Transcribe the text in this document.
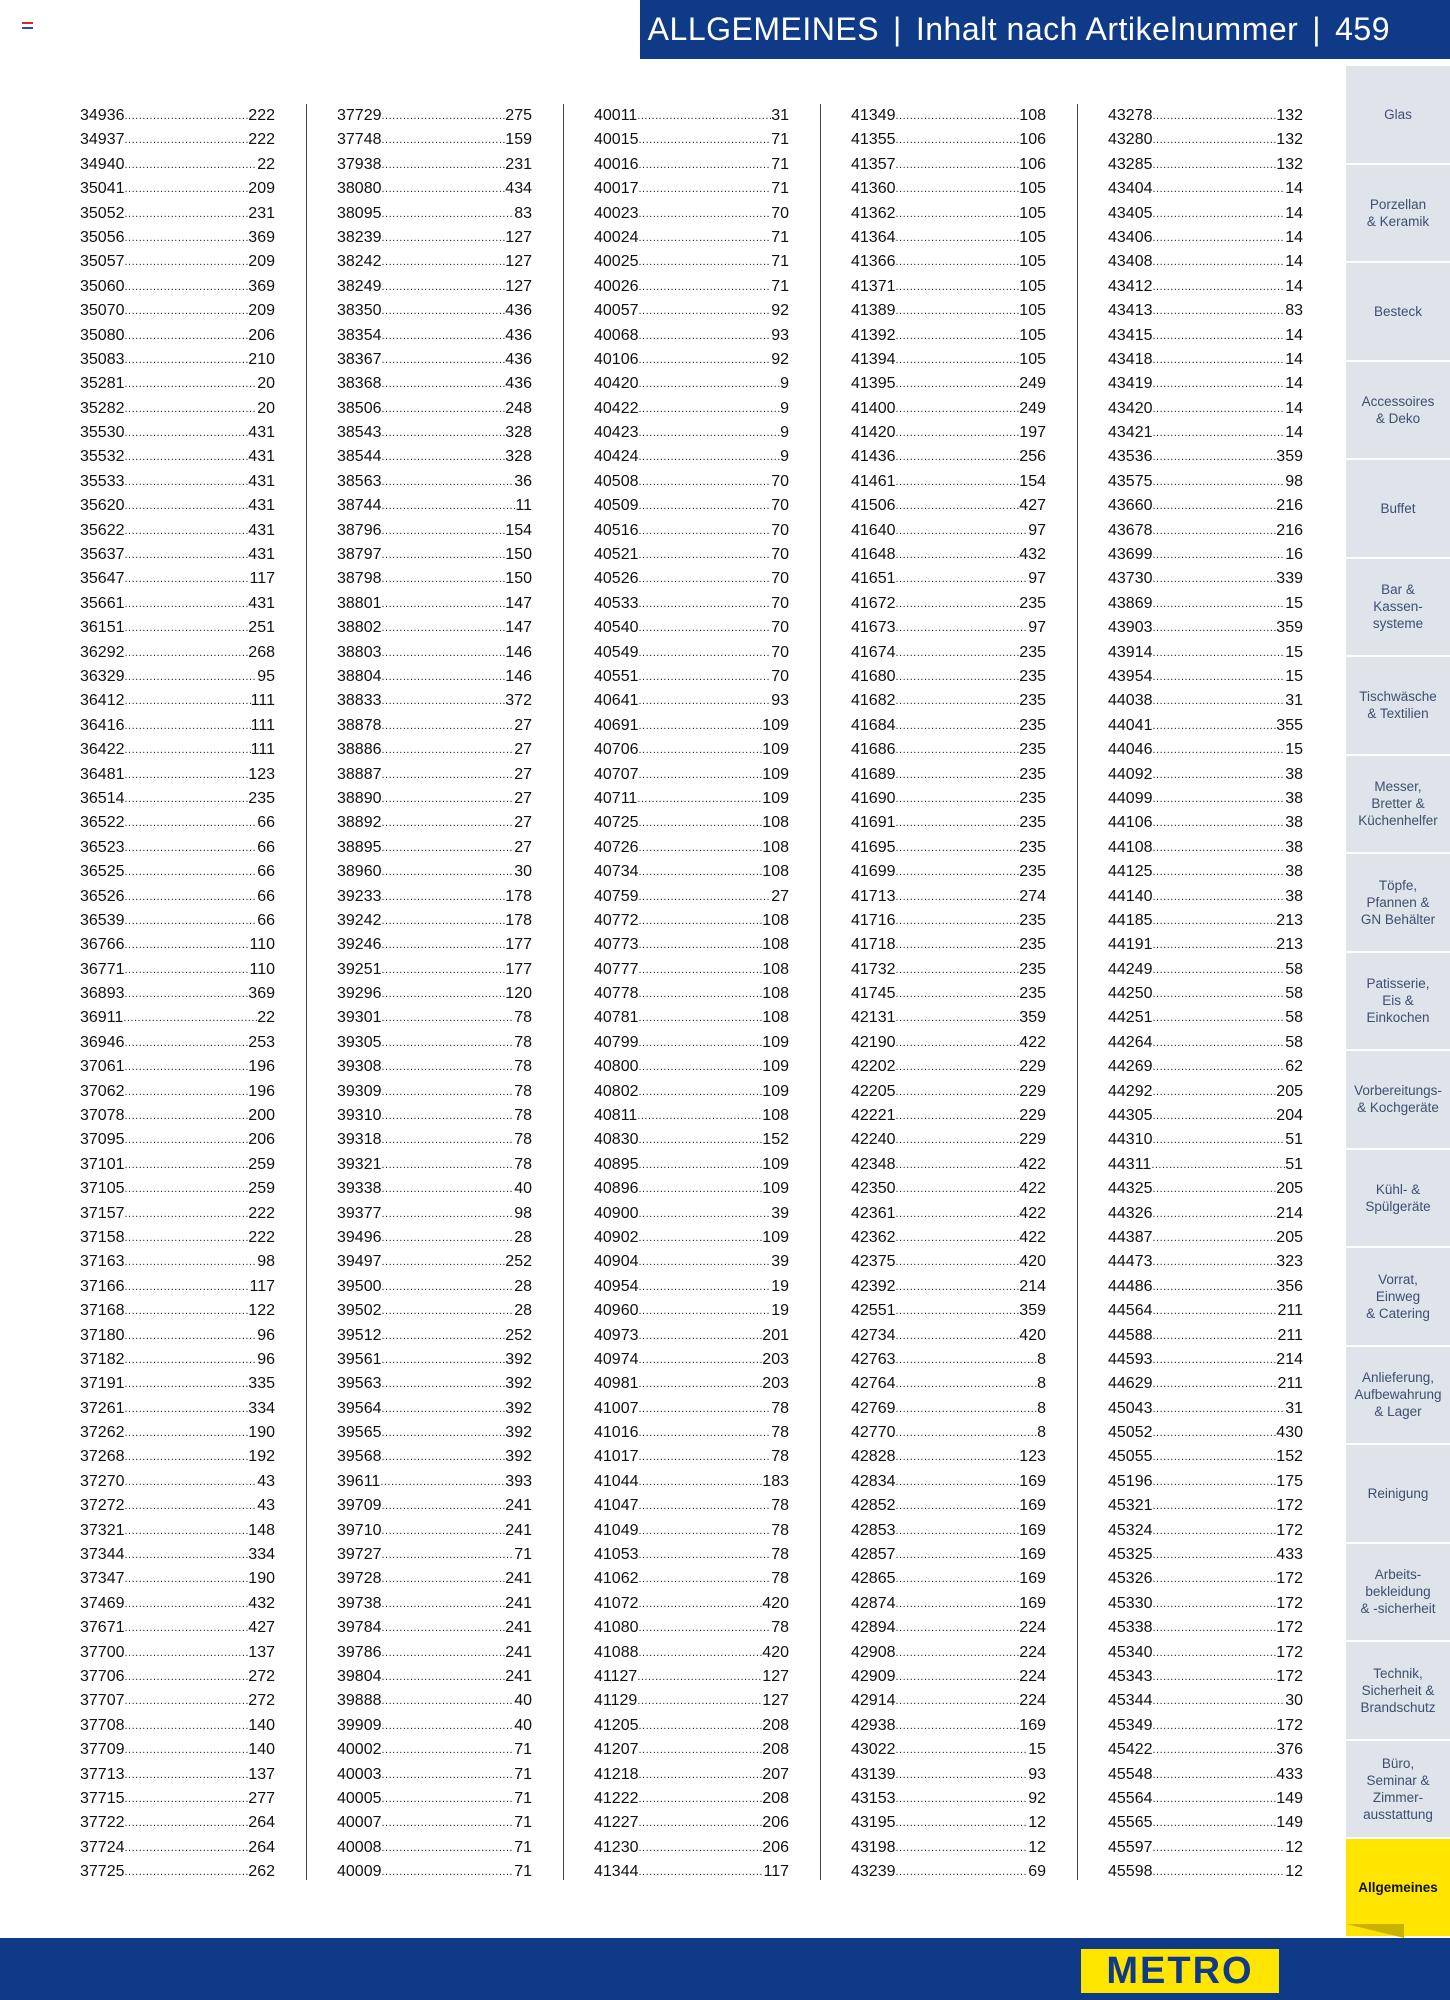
ALLGEMEINES | Inhalt nach Artikelnummer | 459
34936 .....	222
34937 .....	222
34940 .....	22
35041 .....	209
35052 .....	231
35056 .....	369
35057 .....	209
35060 .....	369
35070 .....	209
35080 .....	206
35083 .....	210
35281 .....	20
35282 .....	20
35530 .....	431
35532 .....	431
35533 .....	431
35620 .....	431
35622 .....	431
35637 .....	431
35647 .....	117
35661 .....	431
36151 .....	251
36292 .....	268
36329 .....	95
36412 .....	111
36416 .....	111
36422 .....	111
36481 .....	123
36514 .....	235
36522 .....	66
36523 .....	66
36525 .....	66
36526 .....	66
36539 .....	66
36766 .....	110
36771 .....	110
36893 .....	369
36911 .....	22
36946 .....	253
37061 .....	196
37062 .....	196
37078 .....	200
37095 .....	206
37101 .....	259
37105 .....	259
37157 .....	222
37158 .....	222
37163 .....	98
37166 .....	117
37168 .....	122
37180 .....	96
37182 .....	96
37191 .....	335
37261 .....	334
37262 .....	190
37268 .....	192
37270 .....	43
37272 .....	43
37321 .....	148
37344 .....	334
37347 .....	190
37469 .....	432
37671 .....	427
37700 .....	137
37706 .....	272
37707 .....	272
37708 .....	140
37709 .....	140
37713 .....	137
37715 .....	277
37722 .....	264
37724 .....	264
37725 .....	262
37729 .....	275
37748 .....	159
37938 .....	231
38080 .....	434
38095 .....	83
38239 .....	127
38242 .....	127
38249 .....	127
38350 .....	436
38354 .....	436
38367 .....	436
38368 .....	436
38506 .....	248
38543 .....	328
38544 .....	328
38563 .....	36
38744 .....	11
38796 .....	154
38797 .....	150
38798 .....	150
38801 .....	147
38802 .....	147
38803 .....	146
38804 .....	146
38833 .....	372
38878 .....	27
38886 .....	27
38887 .....	27
38890 .....	27
38892 .....	27
38895 .....	27
38960 .....	30
39233 .....	178
39242 .....	178
39246 .....	177
39251 .....	177
39296 .....	120
39301 .....	78
39305 .....	78
39308 .....	78
39309 .....	78
39310 .....	78
39318 .....	78
39321 .....	78
39338 .....	40
39377 .....	98
39496 .....	28
39497 .....	252
39500 .....	28
39502 .....	28
39512 .....	252
39561 .....	392
39563 .....	392
39564 .....	392
39565 .....	392
39568 .....	392
39611 .....	393
39709 .....	241
39710 .....	241
39727 .....	71
39728 .....	241
39738 .....	241
39784 .....	241
39786 .....	241
39804 .....	241
39888 .....	40
39909 .....	40
40002 .....	71
40003 .....	71
40005 .....	71
40007 .....	71
40008 .....	71
40009 .....	71
40011 .....	31
40015 .....	71
40016 .....	71
40017 .....	71
40023 .....	70
40024 .....	71
40025 .....	71
40026 .....	71
40057 .....	92
40068 .....	93
40106 .....	92
40420 .....	9
40422 .....	9
40423 .....	9
40424 .....	9
40508 .....	70
40509 .....	70
40516 .....	70
40521 .....	70
40526 .....	70
40533 .....	70
40540 .....	70
40549 .....	70
40551 .....	70
40641 .....	93
40691 .....	109
40706 .....	109
40707 .....	109
40711 .....	109
40725 .....	108
40726 .....	108
40734 .....	108
40759 .....	27
40772 .....	108
40773 .....	108
40777 .....	108
40778 .....	108
40781 .....	108
40799 .....	109
40800 .....	109
40802 .....	109
40811 .....	108
40830 .....	152
40895 .....	109
40896 .....	109
40900 .....	39
40902 .....	109
40904 .....	39
40954 .....	19
40960 .....	19
40973 .....	201
40974 .....	203
40981 .....	203
41007 .....	78
41016 .....	78
41017 .....	78
41044 .....	183
41047 .....	78
41049 .....	78
41053 .....	78
41062 .....	78
41072 .....	420
41080 .....	78
41088 .....	420
41127 .....	127
41129 .....	127
41205 .....	208
41207 .....	208
41218 .....	207
41222 .....	208
41227 .....	206
41230 .....	206
41344 .....	117
41349 .....	108
41355 .....	106
41357 .....	106
41360 .....	105
41362 .....	105
41364 .....	105
41366 .....	105
41371 .....	105
41389 .....	105
41392 .....	105
41394 .....	105
41395 .....	249
41400 .....	249
41420 .....	197
41436 .....	256
41461 .....	154
41506 .....	427
41640 .....	97
41648 .....	432
41651 .....	97
41672 .....	235
41673 .....	97
41674 .....	235
41680 .....	235
41682 .....	235
41684 .....	235
41686 .....	235
41689 .....	235
41690 .....	235
41691 .....	235
41695 .....	235
41699 .....	235
41713 .....	274
41716 .....	235
41718 .....	235
41732 .....	235
41745 .....	235
42131 .....	359
42190 .....	422
42202 .....	229
42205 .....	229
42221 .....	229
42240 .....	229
42348 .....	422
42350 .....	422
42361 .....	422
42362 .....	422
42375 .....	420
42392 .....	214
42551 .....	359
42734 .....	420
42763 .....	8
42764 .....	8
42769 .....	8
42770 .....	8
42828 .....	123
42834 .....	169
42852 .....	169
42853 .....	169
42857 .....	169
42865 .....	169
42874 .....	169
42894 .....	224
42908 .....	224
42909 .....	224
42914 .....	224
42938 .....	169
43022 .....	15
43139 .....	93
43153 .....	92
43195 .....	12
43198 .....	12
43239 .....	69
43278 .....	132
43280 .....	132
43285 .....	132
43404 .....	14
43405 .....	14
43406 .....	14
43408 .....	14
43412 .....	14
43413 .....	83
43415 .....	14
43418 .....	14
43419 .....	14
43420 .....	14
43421 .....	14
43536 .....	359
43575 .....	98
43660 .....	216
43678 .....	216
43699 .....	16
43730 .....	339
43869 .....	15
43903 .....	359
43914 .....	15
43954 .....	15
44038 .....	31
44041 .....	355
44046 .....	15
44092 .....	38
44099 .....	38
44106 .....	38
44108 .....	38
44125 .....	38
44140 .....	38
44185 .....	213
44191 .....	213
44249 .....	58
44250 .....	58
44251 .....	58
44264 .....	58
44269 .....	62
44292 .....	205
44305 .....	204
44310 .....	51
44311 .....	51
44325 .....	205
44326 .....	214
44387 .....	205
44473 .....	323
44486 .....	356
44564 .....	211
44588 .....	211
44593 .....	214
44629 .....	211
45043 .....	31
45052 .....	430
45055 .....	152
45196 .....	175
45321 .....	172
45324 .....	172
45325 .....	433
45326 .....	172
45330 .....	172
45338 .....	172
45340 .....	172
45343 .....	172
45344 .....	30
45349 .....	172
45422 .....	376
45548 .....	433
45564 .....	149
45565 .....	149
45597 .....	12
45598 .....	12
Glas
Porzellan
& Keramik
Besteck
Accessoires
& Deko
Buffet
Bar &
Kassen-
systeme
Tischwäsche
& Textilien
Messer,
Bretter &
Küchenhelfer
Töpfe,
Pfannen &
GN Behälter
Patisserie,
Eis &
Einkochen
Vorbereitungs-
& Kochgeräte
Kühl- &
Spülgeräte
Vorrat,
Einweg
& Catering
Anlieferung,
Aufbewahrung
& Lager
Reinigung
Arbeits-
bekleidung
& -sicherheit
Technik,
Sicherheit &
Brandschutz
Büro,
Seminar &
Zimmer-
ausstattung
Allgemeines
METRO
